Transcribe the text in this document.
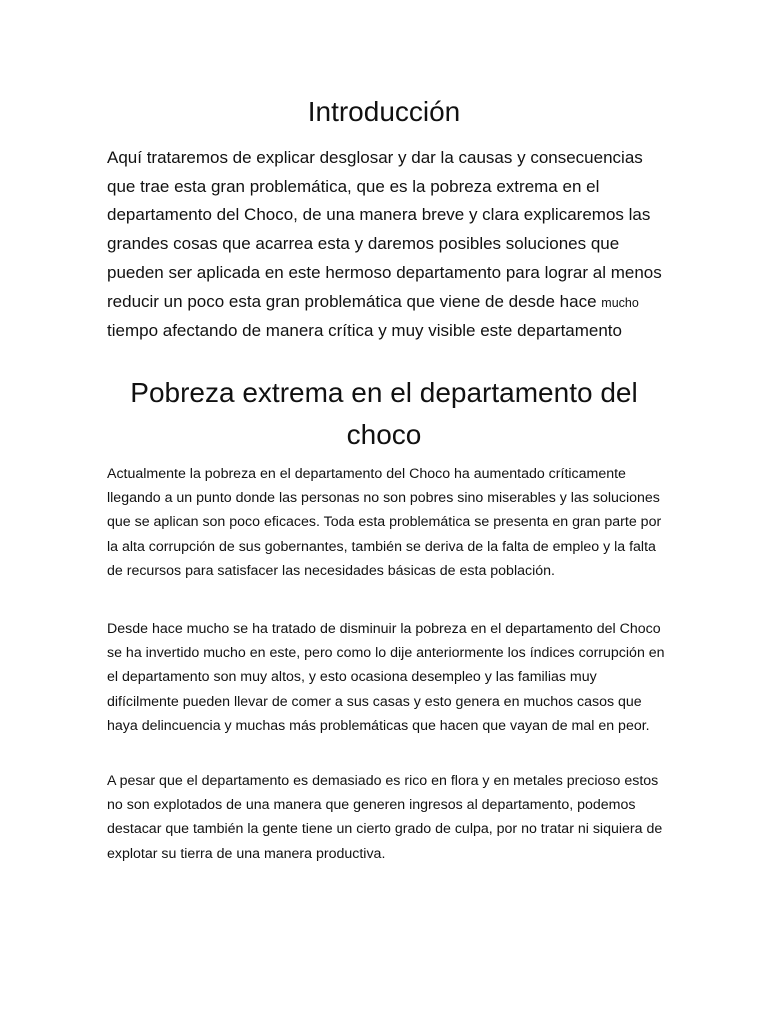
Introducción

Aquí trataremos de explicar desglosar y dar la causas y consecuencias que trae esta gran problemática, que es la pobreza extrema en el departamento del Choco, de una manera breve y clara explicaremos las grandes cosas que acarrea esta y daremos posibles soluciones que pueden ser aplicada en este hermoso departamento para lograr al menos reducir un poco esta gran problemática que viene de desde hace mucho tiempo afectando de manera crítica y muy visible este departamento

Pobreza extrema en el departamento del choco

Actualmente la pobreza en el departamento del Choco ha aumentado críticamente llegando a un punto donde las personas no son pobres sino miserables y las soluciones que se aplican son poco eficaces. Toda esta problemática se presenta en gran parte por la alta corrupción de sus gobernantes, también se deriva de la falta de empleo y la falta de recursos para satisfacer las necesidades básicas de esta población.

Desde hace mucho se ha tratado de disminuir la pobreza en el departamento del Choco se ha invertido mucho en este, pero como lo dije anteriormente los índices corrupción en el departamento son muy altos, y esto ocasiona desempleo y las familias muy difícilmente pueden llevar de comer a sus casas y esto genera en muchos casos que haya delincuencia y muchas más problemáticas que hacen que vayan de mal en peor.

A pesar que el departamento es demasiado es rico en flora y en metales precioso estos no son explotados de una manera que generen ingresos al departamento, podemos destacar que también la gente tiene un cierto grado de culpa, por no tratar ni siquiera de explotar su tierra de una manera productiva.
